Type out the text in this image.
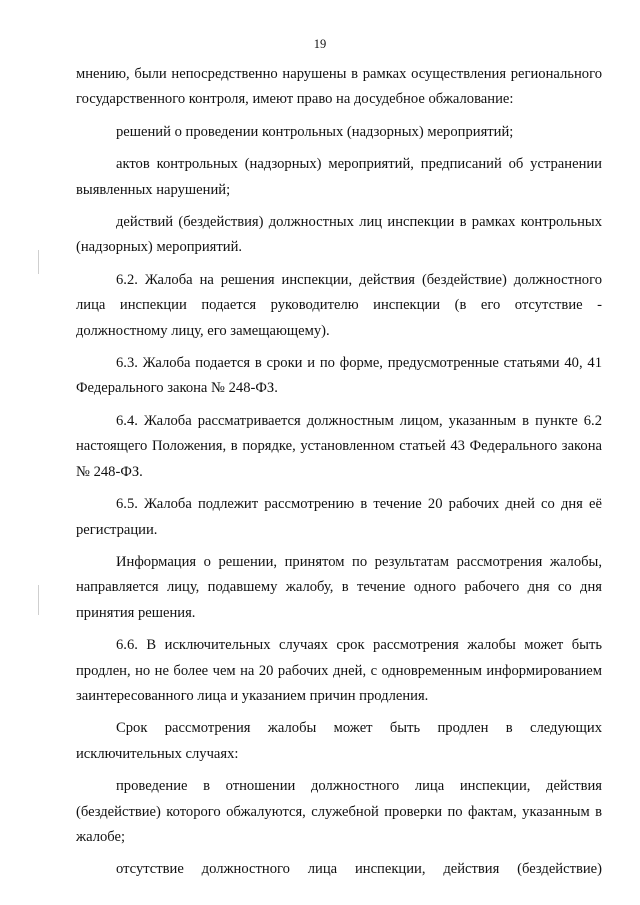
19

мнению, были непосредственно нарушены в рамках осуществления регионального государственного контроля, имеют право на досудебное обжалование:

решений о проведении контрольных (надзорных) мероприятий;

актов контрольных (надзорных) мероприятий, предписаний об устранении выявленных нарушений;

действий (бездействия) должностных лиц инспекции в рамках контрольных (надзорных) мероприятий.

6.2. Жалоба на решения инспекции, действия (бездействие) должностного лица инспекции подается руководителю инспекции (в его отсутствие - должностному лицу, его замещающему).

6.3. Жалоба подается в сроки и по форме, предусмотренные статьями 40, 41 Федерального закона № 248-ФЗ.

6.4. Жалоба рассматривается должностным лицом, указанным в пункте 6.2 настоящего Положения, в порядке, установленном статьей 43 Федерального закона № 248-ФЗ.

6.5. Жалоба подлежит рассмотрению в течение 20 рабочих дней со дня её регистрации.

Информация о решении, принятом по результатам рассмотрения жалобы, направляется лицу, подавшему жалобу, в течение одного рабочего дня со дня принятия решения.

6.6. В исключительных случаях срок рассмотрения жалобы может быть продлен, но не более чем на 20 рабочих дней, с одновременным информированием заинтересованного лица и указанием причин продления.

Срок рассмотрения жалобы может быть продлен в следующих исключительных случаях:

проведение в отношении должностного лица инспекции, действия (бездействие) которого обжалуются, служебной проверки по фактам, указанным в жалобе;

отсутствие должностного лица инспекции, действия (бездействие)
